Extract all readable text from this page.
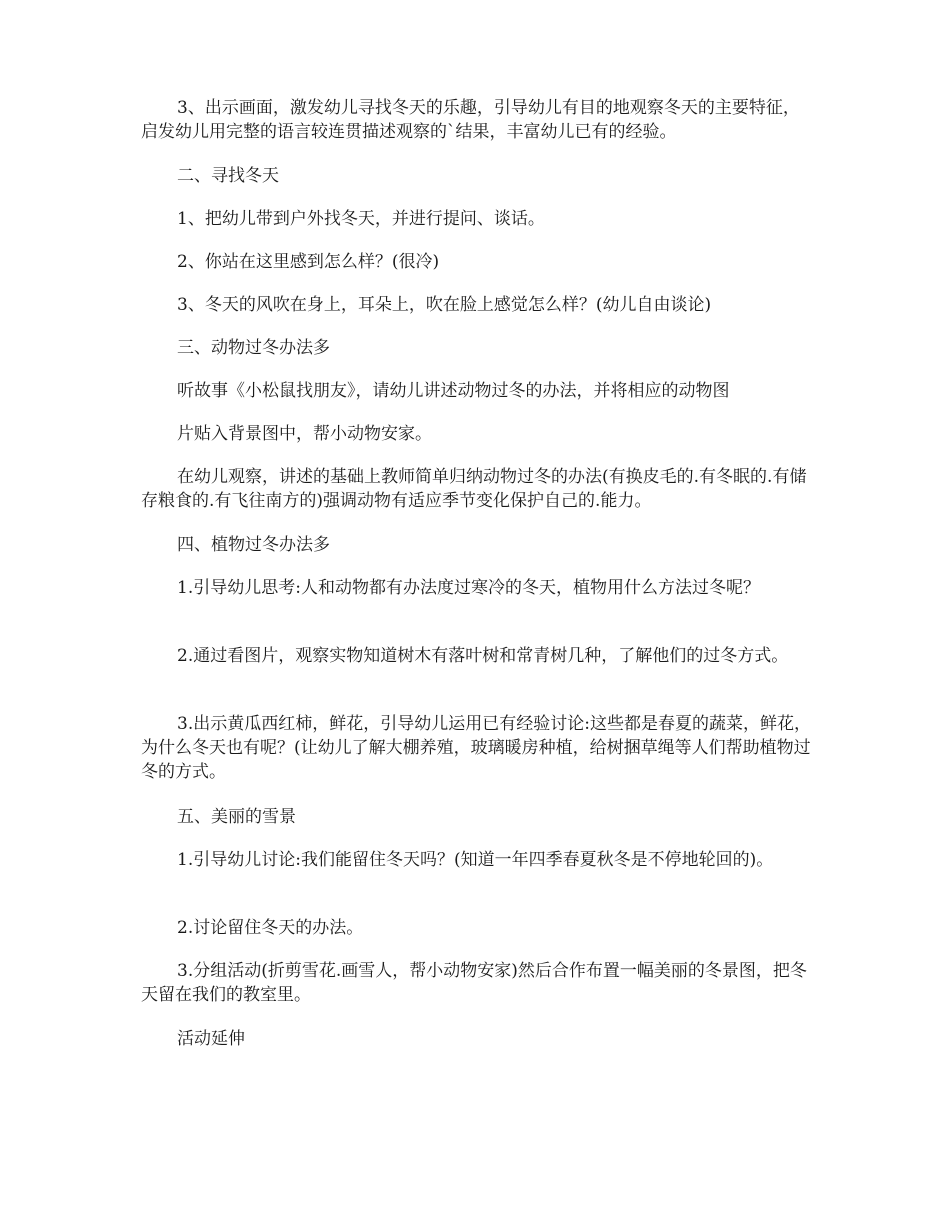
3、出示画面，激发幼儿寻找冬天的乐趣，引导幼儿有目的地观察冬天的主要特征，启发幼儿用完整的语言较连贯描述观察的`结果，丰富幼儿已有的经验。
二、寻找冬天
1、把幼儿带到户外找冬天，并进行提问、谈话。
2、你站在这里感到怎么样？(很冷)
3、冬天的风吹在身上，耳朵上，吹在脸上感觉怎么样？(幼儿自由谈论)
三、动物过冬办法多
听故事《小松鼠找朋友》，请幼儿讲述动物过冬的办法，并将相应的动物图
片贴入背景图中，帮小动物安家。
在幼儿观察，讲述的基础上教师简单归纳动物过冬的办法(有换皮毛的.有冬眠的.有储存粮食的.有飞往南方的)强调动物有适应季节变化保护自己的.能力。
四、植物过冬办法多
1.引导幼儿思考:人和动物都有办法度过寒冷的冬天，植物用什么方法过冬呢？
2.通过看图片，观察实物知道树木有落叶树和常青树几种，了解他们的过冬方式。
3.出示黄瓜西红柿，鲜花，引导幼儿运用已有经验讨论:这些都是春夏的蔬菜，鲜花，为什么冬天也有呢？(让幼儿了解大棚养殖，玻璃暖房种植，给树捆草绳等人们帮助植物过冬的方式。
五、美丽的雪景
1.引导幼儿讨论:我们能留住冬天吗？(知道一年四季春夏秋冬是不停地轮回的)。
2.讨论留住冬天的办法。
3.分组活动(折剪雪花.画雪人，帮小动物安家)然后合作布置一幅美丽的冬景图，把冬天留在我们的教室里。
活动延伸
